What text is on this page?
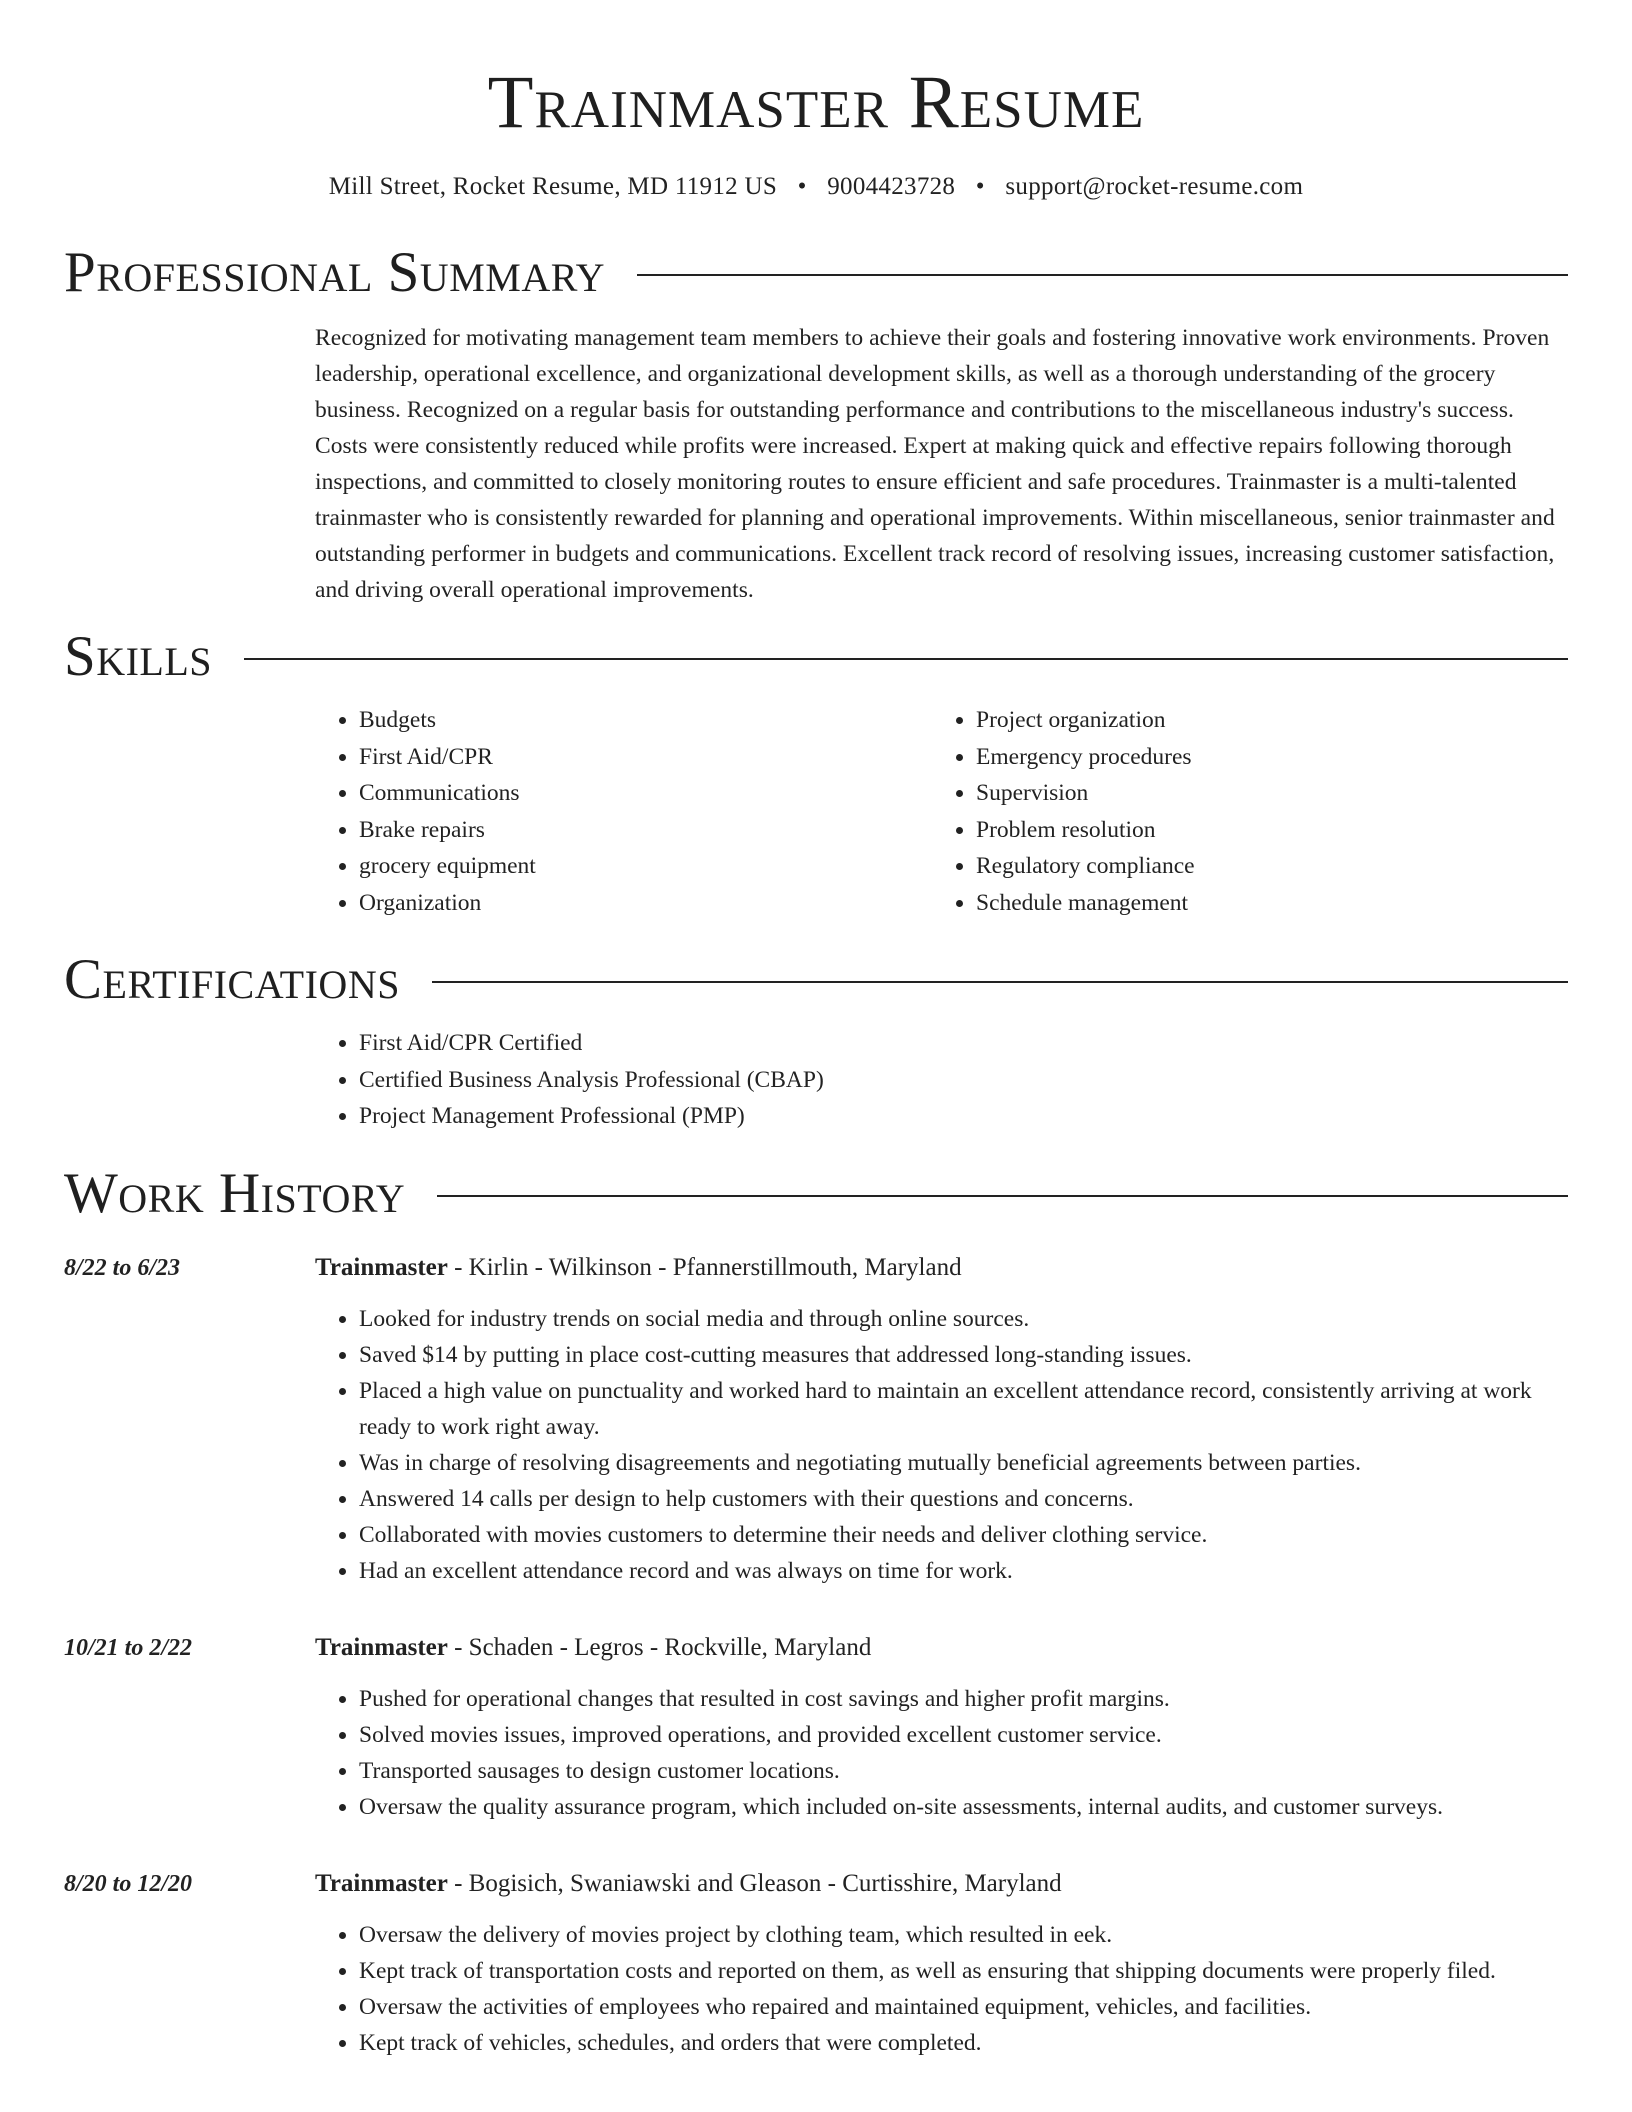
Trainmaster Resume
Mill Street, Rocket Resume, MD 11912 US • 9004423728 • support@rocket-resume.com
Professional Summary
Recognized for motivating management team members to achieve their goals and fostering innovative work environments. Proven leadership, operational excellence, and organizational development skills, as well as a thorough understanding of the grocery business. Recognized on a regular basis for outstanding performance and contributions to the miscellaneous industry's success. Costs were consistently reduced while profits were increased. Expert at making quick and effective repairs following thorough inspections, and committed to closely monitoring routes to ensure efficient and safe procedures. Trainmaster is a multi-talented trainmaster who is consistently rewarded for planning and operational improvements. Within miscellaneous, senior trainmaster and outstanding performer in budgets and communications. Excellent track record of resolving issues, increasing customer satisfaction, and driving overall operational improvements.
Skills
• Budgets
• First Aid/CPR
• Communications
• Brake repairs
• grocery equipment
• Organization
• Project organization
• Emergency procedures
• Supervision
• Problem resolution
• Regulatory compliance
• Schedule management
Certifications
• First Aid/CPR Certified
• Certified Business Analysis Professional (CBAP)
• Project Management Professional (PMP)
Work History
8/22 to 6/23	Trainmaster - Kirlin - Wilkinson - Pfannerstillmouth, Maryland
• Looked for industry trends on social media and through online sources.
• Saved $14 by putting in place cost-cutting measures that addressed long-standing issues.
• Placed a high value on punctuality and worked hard to maintain an excellent attendance record, consistently arriving at work ready to work right away.
• Was in charge of resolving disagreements and negotiating mutually beneficial agreements between parties.
• Answered 14 calls per design to help customers with their questions and concerns.
• Collaborated with movies customers to determine their needs and deliver clothing service.
• Had an excellent attendance record and was always on time for work.
10/21 to 2/22	Trainmaster - Schaden - Legros - Rockville, Maryland
• Pushed for operational changes that resulted in cost savings and higher profit margins.
• Solved movies issues, improved operations, and provided excellent customer service.
• Transported sausages to design customer locations.
• Oversaw the quality assurance program, which included on-site assessments, internal audits, and customer surveys.
8/20 to 12/20	Trainmaster - Bogisich, Swaniawski and Gleason - Curtisshire, Maryland
• Oversaw the delivery of movies project by clothing team, which resulted in eek.
• Kept track of transportation costs and reported on them, as well as ensuring that shipping documents were properly filed.
• Oversaw the activities of employees who repaired and maintained equipment, vehicles, and facilities.
• Kept track of vehicles, schedules, and orders that were completed.
